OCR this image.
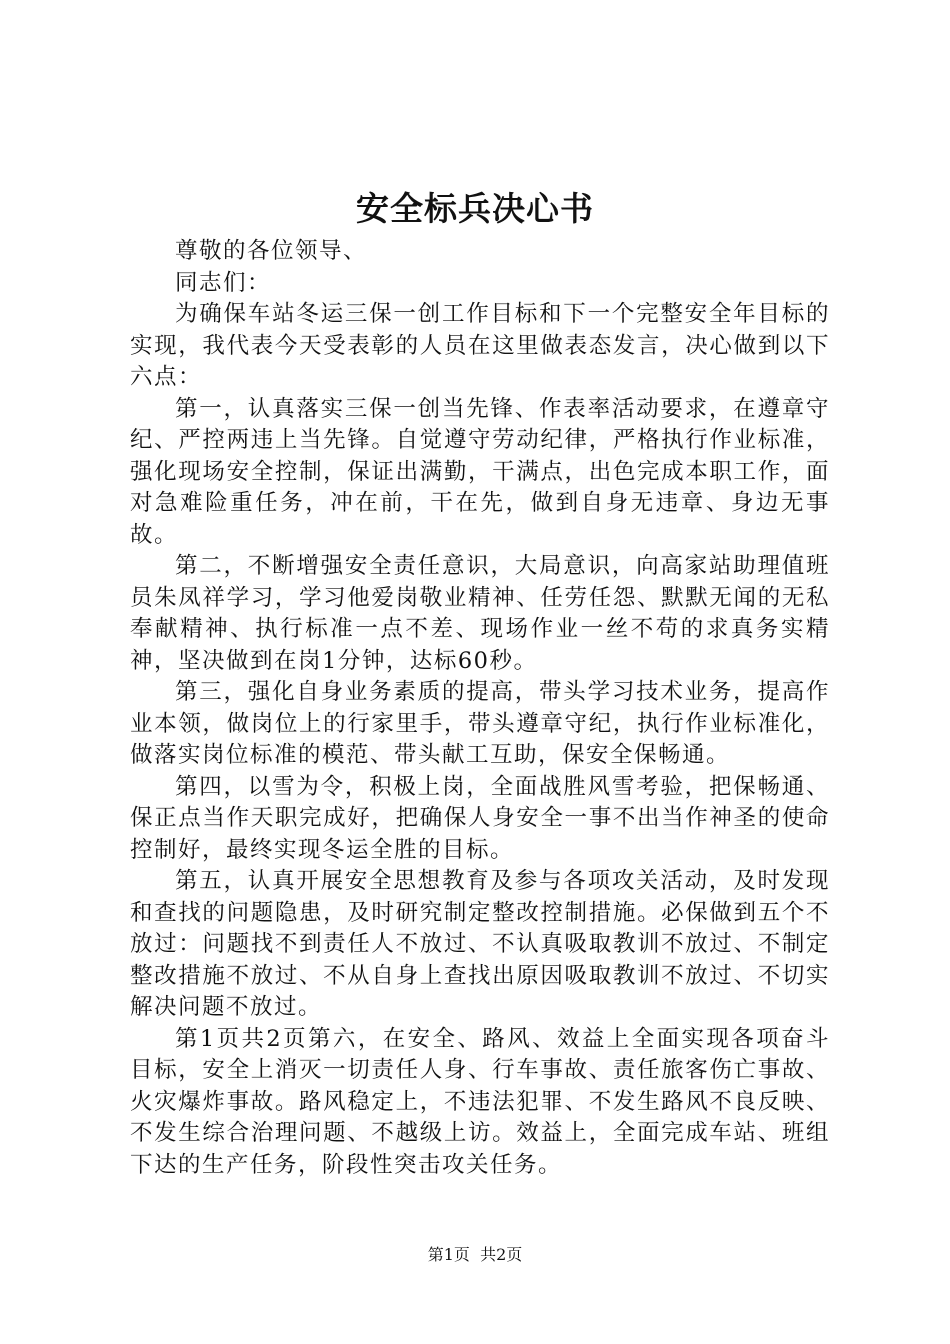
安全标兵决心书

尊敬的各位领导、

同志们：

为确保车站冬运三保一创工作目标和下一个完整安全年目标的实现，我代表今天受表彰的人员在这里做表态发言，决心做到以下六点：

第一，认真落实三保一创当先锋、作表率活动要求，在遵章守纪、严控两违上当先锋。自觉遵守劳动纪律，严格执行作业标准，强化现场安全控制，保证出满勤，干满点，出色完成本职工作，面对急难险重任务，冲在前，干在先，做到自身无违章、身边无事故。

第二，不断增强安全责任意识，大局意识，向高家站助理值班员朱凤祥学习，学习他爱岗敬业精神、任劳任怨、默默无闻的无私奉献精神、执行标准一点不差、现场作业一丝不苟的求真务实精神，坚决做到在岗1分钟，达标60秒。

第三，强化自身业务素质的提高，带头学习技术业务，提高作业本领，做岗位上的行家里手，带头遵章守纪，执行作业标准化，做落实岗位标准的模范、带头献工互助，保安全保畅通。

第四，以雪为令，积极上岗，全面战胜风雪考验，把保畅通、保正点当作天职完成好，把确保人身安全一事不出当作神圣的使命控制好，最终实现冬运全胜的目标。

第五，认真开展安全思想教育及参与各项攻关活动，及时发现和查找的问题隐患，及时研究制定整改控制措施。必保做到五个不放过：问题找不到责任人不放过、不认真吸取教训不放过、不制定整改措施不放过、不从自身上查找出原因吸取教训不放过、不切实解决问题不放过。

第1页共2页第六，在安全、路风、效益上全面实现各项奋斗目标，安全上消灭一切责任人身、行车事故、责任旅客伤亡事故、火灾爆炸事故。路风稳定上，不违法犯罪、不发生路风不良反映、不发生综合治理问题、不越级上访。效益上，全面完成车站、班组下达的生产任务，阶段性突击攻关任务。

第1页 共2页
